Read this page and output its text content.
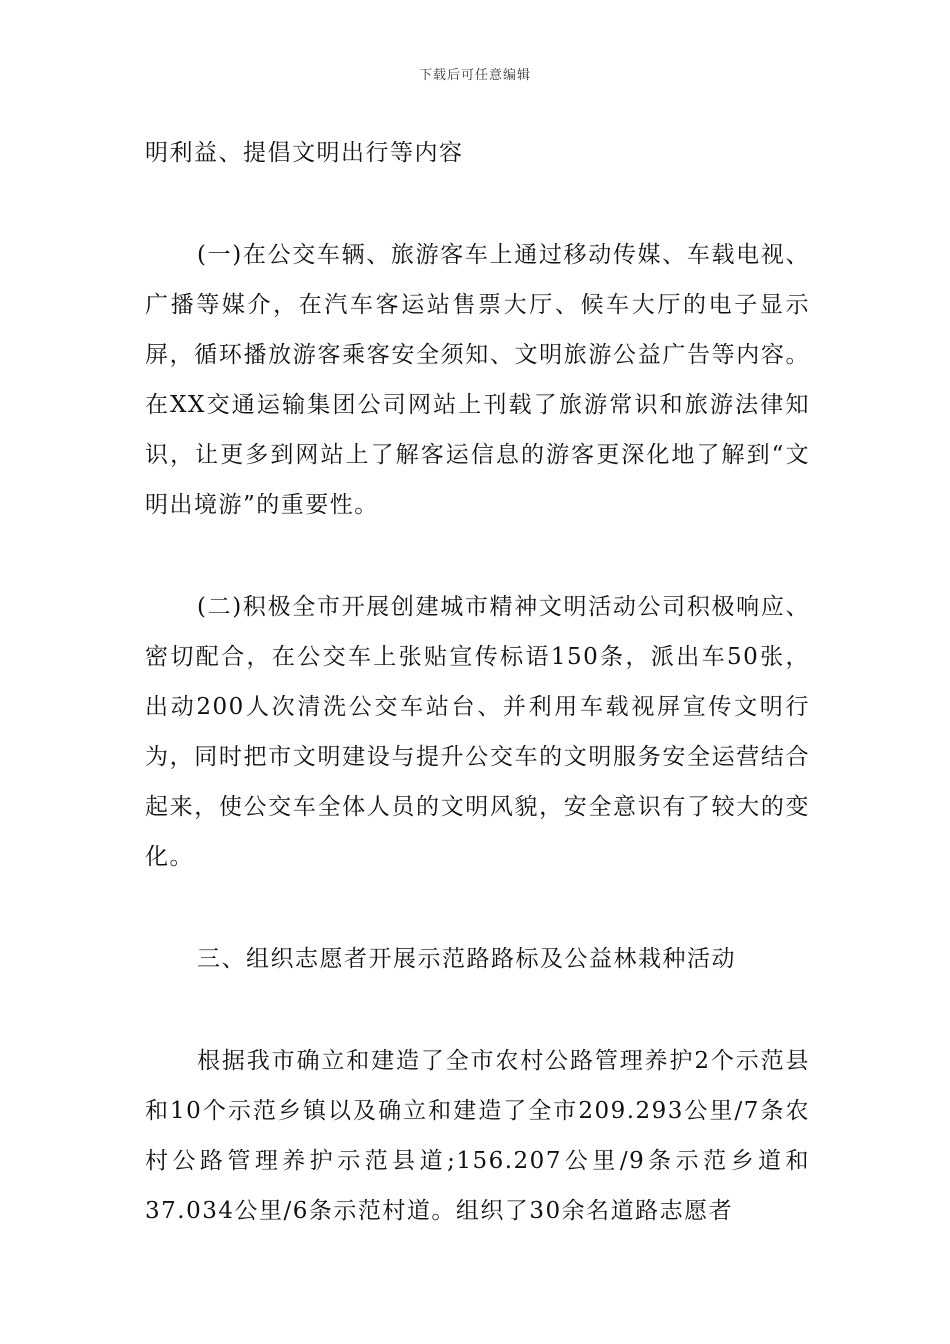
下载后可任意编辑

明利益、提倡文明出行等内容

(一)在公交车辆、旅游客车上通过移动传媒、车载电视、广播等媒介，在汽车客运站售票大厅、候车大厅的电子显示屏，循环播放游客乘客安全须知、文明旅游公益广告等内容。在XX交通运输集团公司网站上刊载了旅游常识和旅游法律知识，让更多到网站上了解客运信息的游客更深化地了解到“文明出境游”的重要性。

(二)积极全市开展创建城市精神文明活动公司积极响应、密切配合，在公交车上张贴宣传标语150条，派出车50张，出动200人次清洗公交车站台、并利用车载视屏宣传文明行为，同时把市文明建设与提升公交车的文明服务安全运营结合起来，使公交车全体人员的文明风貌，安全意识有了较大的变化。

三、组织志愿者开展示范路路标及公益林栽种活动

根据我市确立和建造了全市农村公路管理养护2个示范县和10个示范乡镇以及确立和建造了全市209.293公里/7条农村公路管理养护示范县道;156.207公里/9条示范乡道和37.034公里/6条示范村道。组织了30余名道路志愿者
